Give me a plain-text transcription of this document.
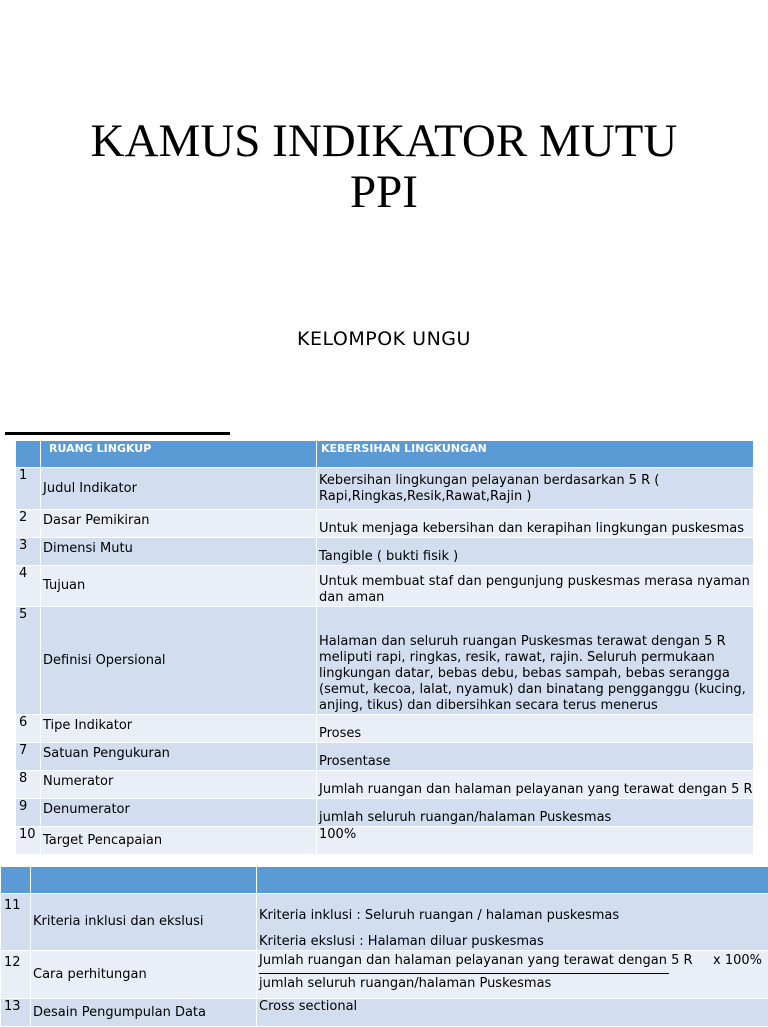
KAMUS INDIKATOR MUTU
PPI
KELOMPOK UNGU
	RUANG LINGKUP	KEBERSIHAN LINGKUNGAN
1	Judul Indikator	Kebersihan lingkungan pelayanan berdasarkan 5 R ( Rapi,Ringkas,Resik,Rawat,Rajin )
2	Dasar Pemikiran	Untuk menjaga kebersihan dan kerapihan lingkungan puskesmas
3	Dimensi Mutu	Tangible ( bukti fisik )
4	Tujuan	Untuk membuat staf dan pengunjung puskesmas merasa nyaman dan aman
5	Definisi Opersional	Halaman dan seluruh ruangan Puskesmas terawat dengan 5 R meliputi rapi, ringkas, resik, rawat, rajin. Seluruh permukaan lingkungan datar, bebas debu, bebas sampah, bebas serangga (semut, kecoa, lalat, nyamuk) dan binatang pengganggu (kucing, anjing, tikus) dan dibersihkan secara terus menerus
6	Tipe Indikator	Proses
7	Satuan Pengukuran	Prosentase
8	Numerator	Jumlah ruangan dan halaman pelayanan yang terawat dengan 5 R
9	Denumerator	jumlah seluruh ruangan/halaman Puskesmas
10	Target Pencapaian	100%

11	Kriteria inklusi dan ekslusi	Kriteria inklusi : Seluruh ruangan / halaman puskesmas
Kriteria ekslusi : Halaman diluar puskesmas

12	Cara perhitungan	x 100%
Jumlah ruangan dan halaman pelayanan yang terawat dengan 5 R
jumlah seluruh ruangan/halaman Puskesmas

13	Desain Pengumpulan Data	Cross sectional
